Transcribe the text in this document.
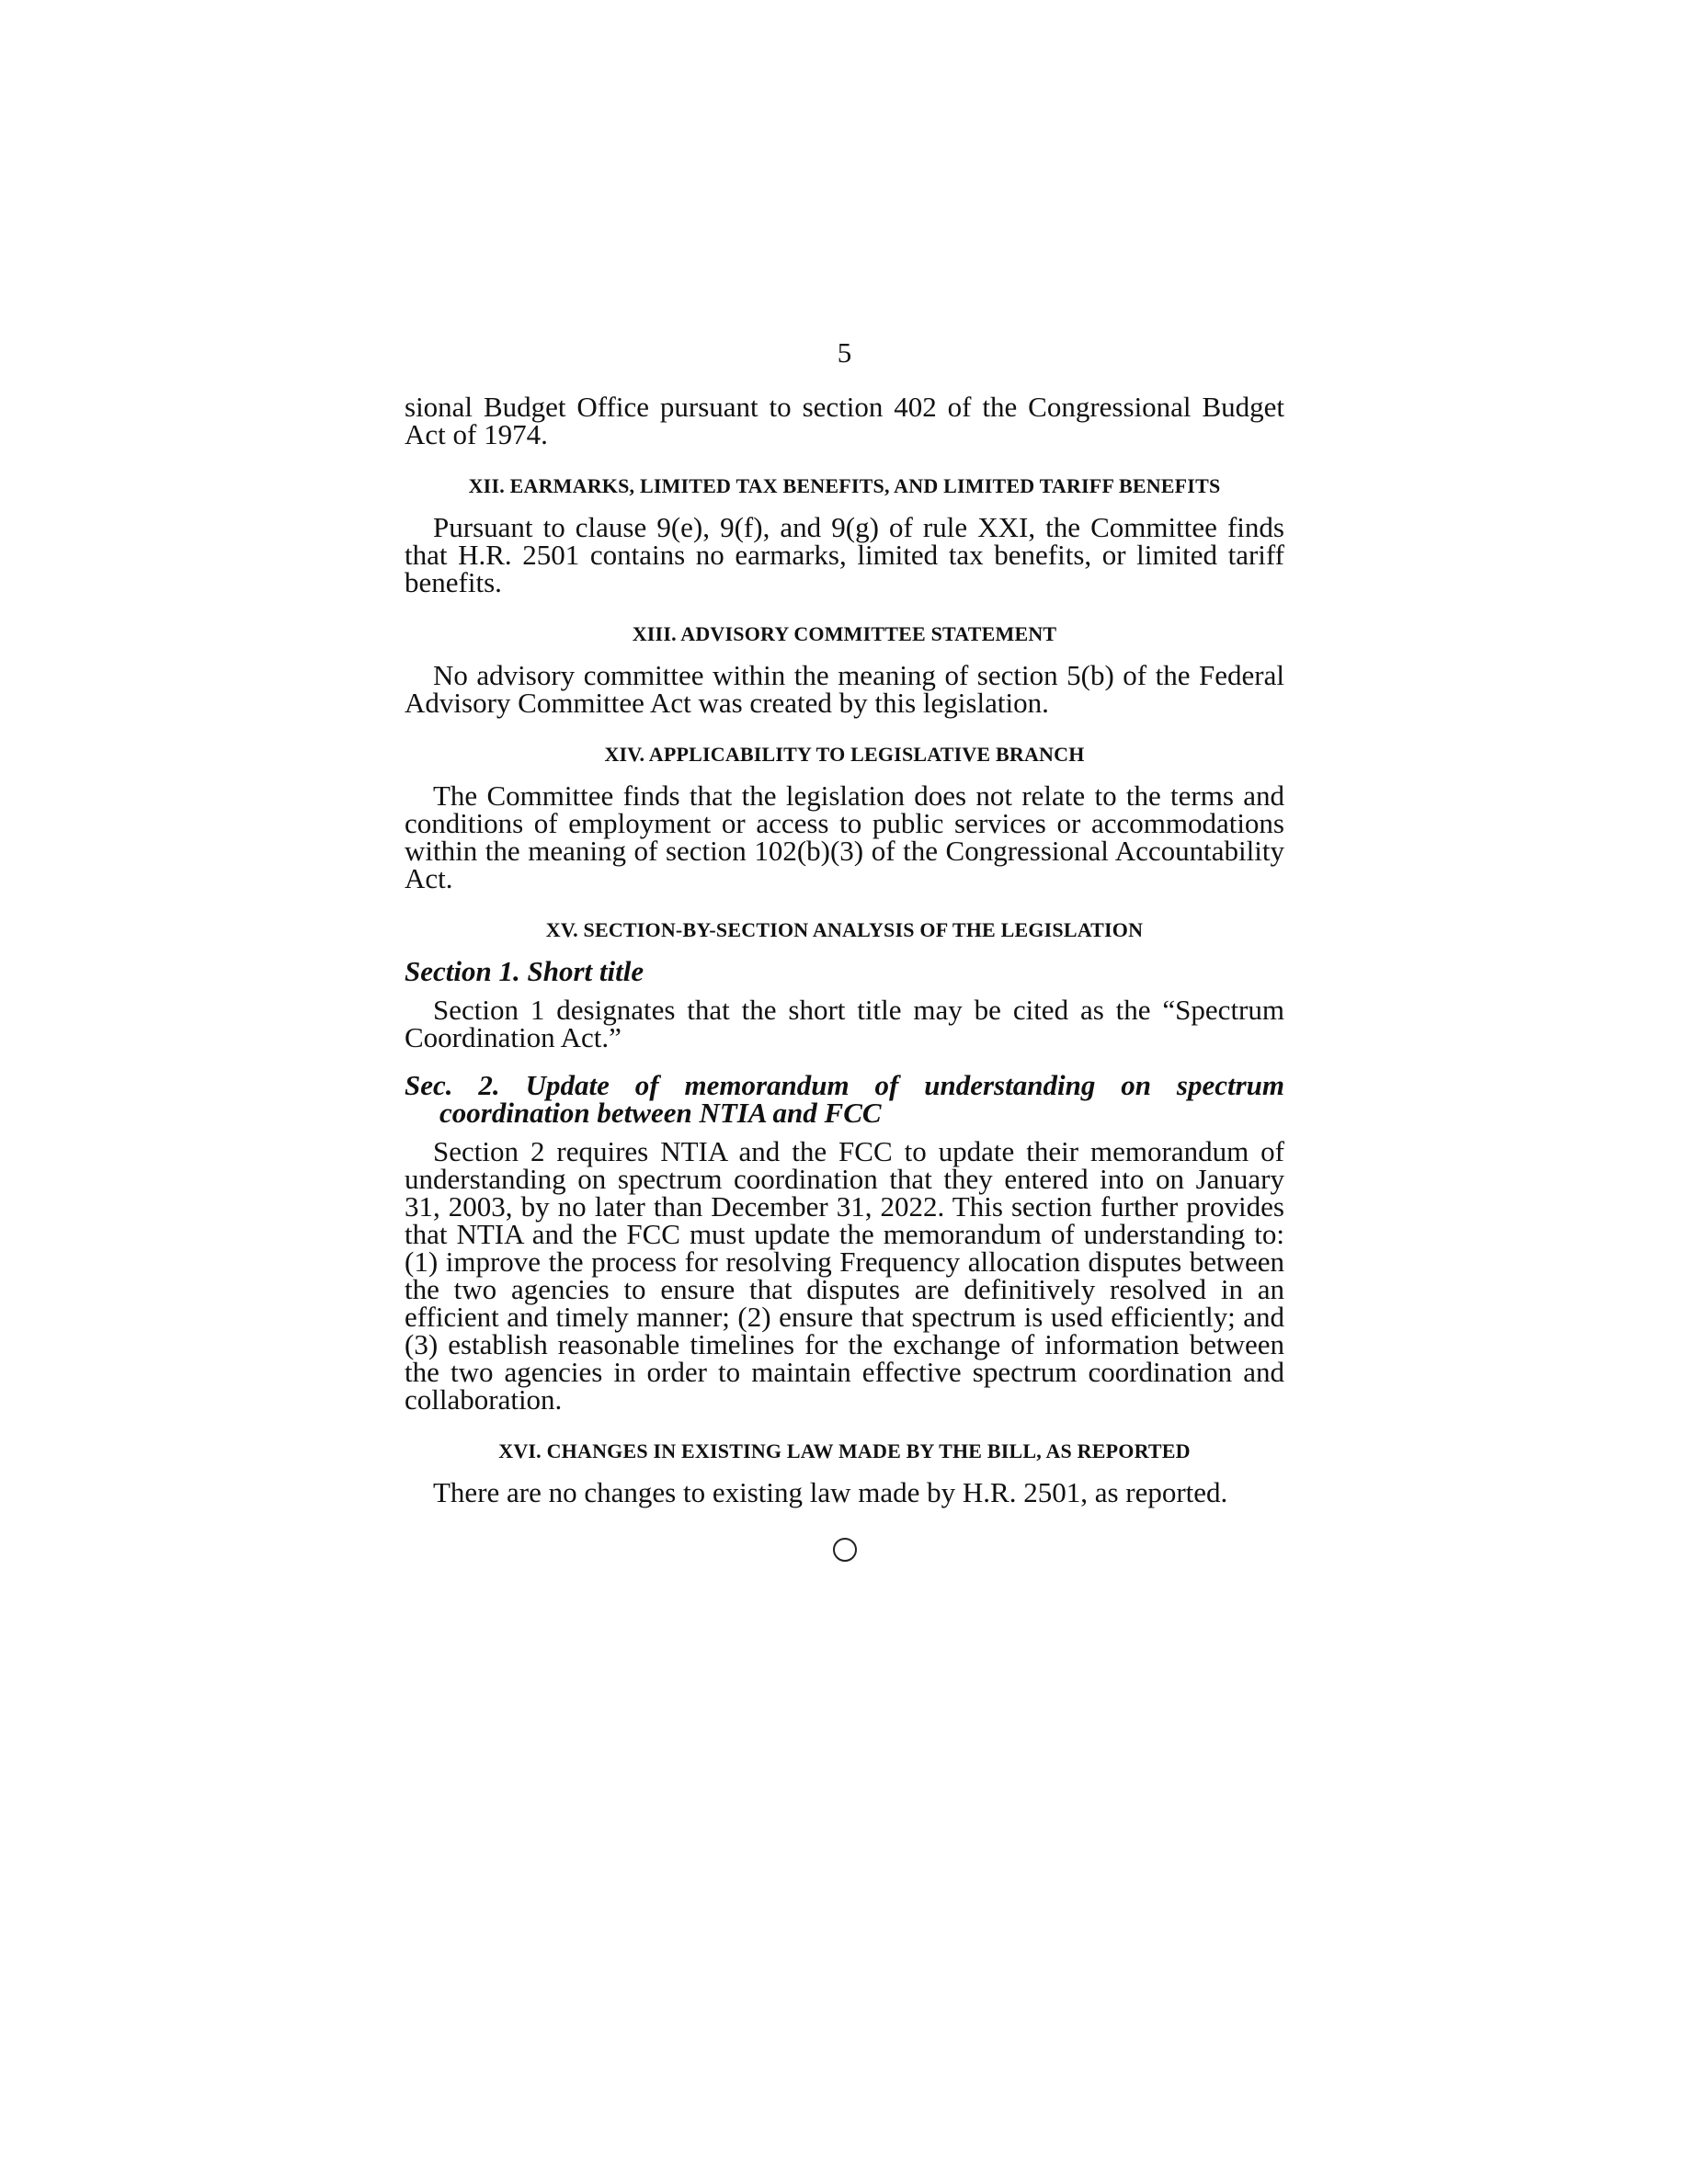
5

sional Budget Office pursuant to section 402 of the Congressional Budget Act of 1974.

XII. EARMARKS, LIMITED TAX BENEFITS, AND LIMITED TARIFF BENEFITS

Pursuant to clause 9(e), 9(f), and 9(g) of rule XXI, the Committee finds that H.R. 2501 contains no earmarks, limited tax benefits, or limited tariff benefits.

XIII. ADVISORY COMMITTEE STATEMENT

No advisory committee within the meaning of section 5(b) of the Federal Advisory Committee Act was created by this legislation.

XIV. APPLICABILITY TO LEGISLATIVE BRANCH

The Committee finds that the legislation does not relate to the terms and conditions of employment or access to public services or accommodations within the meaning of section 102(b)(3) of the Congressional Accountability Act.

XV. SECTION-BY-SECTION ANALYSIS OF THE LEGISLATION
Section 1. Short title

Section 1 designates that the short title may be cited as the “Spectrum Coordination Act.”

Sec. 2. Update of memorandum of understanding on spectrum coordination between NTIA and FCC

Section 2 requires NTIA and the FCC to update their memorandum of understanding on spectrum coordination that they entered into on January 31, 2003, by no later than December 31, 2022. This section further provides that NTIA and the FCC must update the memorandum of understanding to: (1) improve the process for resolving Frequency allocation disputes between the two agencies to ensure that disputes are definitively resolved in an efficient and timely manner; (2) ensure that spectrum is used efficiently; and (3) establish reasonable timelines for the exchange of information between the two agencies in order to maintain effective spectrum coordination and collaboration.

XVI. CHANGES IN EXISTING LAW MADE BY THE BILL, AS REPORTED

There are no changes to existing law made by H.R. 2501, as reported.
